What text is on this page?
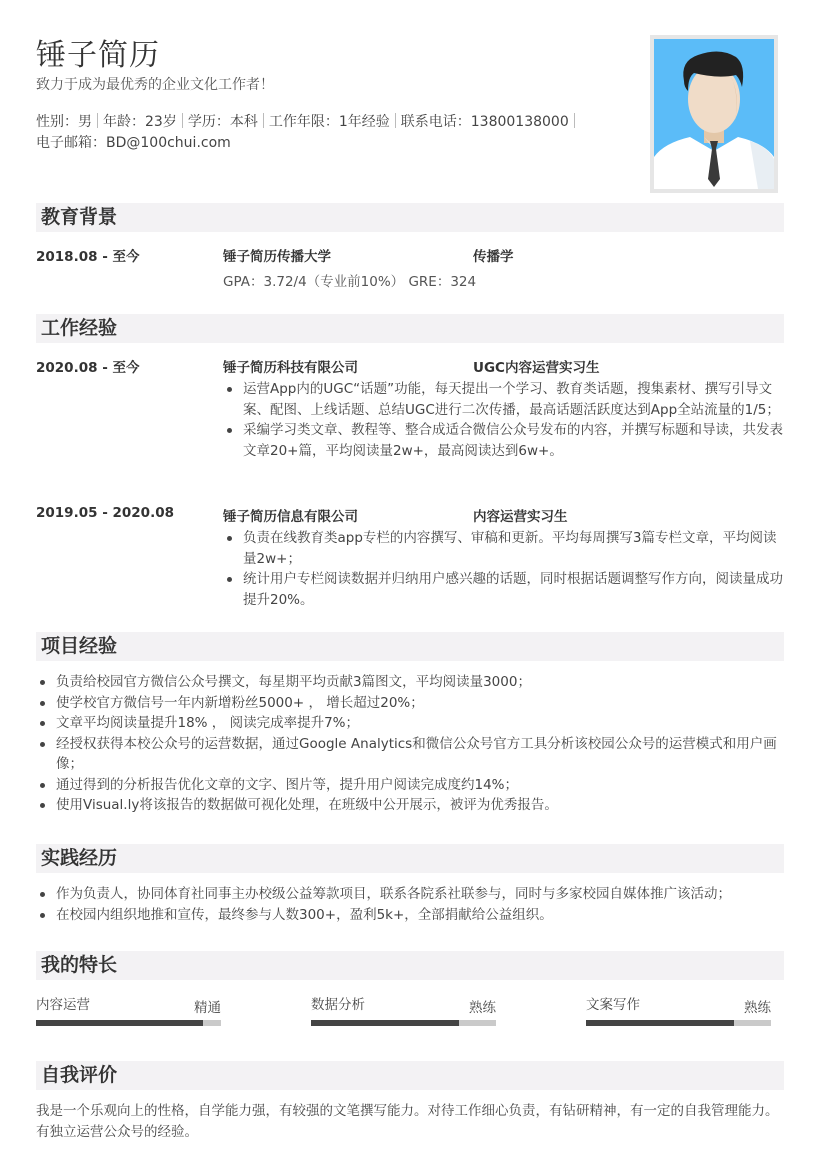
锤子简历
致力于成为最优秀的企业文化工作者！
性别：男 年龄：23岁 学历：本科 工作年限：1年经验 联系电话：13800138000
电子邮箱：BD@100chui.com
教育背景
2018.08 - 至今	锤子简历传播大学	传播学
GPA：3.72/4（专业前10%） GRE：324
工作经验
2020.08 - 至今	锤子简历科技有限公司	UGC内容运营实习生
运营App内的UGC“话题”功能，每天提出一个学习、教育类话题，搜集素材、撰写引导文案、配图、上线话题、总结UGC进行二次传播，最高话题活跃度达到App全站流量的1/5；
采编学习类文章、教程等、整合成适合微信公众号发布的内容，并撰写标题和导读，共发表文章20+篇，平均阅读量2w+，最高阅读达到6w+。
2019.05 - 2020.08	锤子简历信息有限公司	内容运营实习生
负责在线教育类app专栏的内容撰写、审稿和更新。平均每周撰写3篇专栏文章，平均阅读量2w+；
统计用户专栏阅读数据并归纳用户感兴趣的话题，同时根据话题调整写作方向，阅读量成功提升20%。
项目经验
负责给校园官方微信公众号撰文，每星期平均贡献3篇图文，平均阅读量3000；
使学校官方微信号一年内新增粉丝5000+ ， 增长超过20%；
文章平均阅读量提升18% ， 阅读完成率提升7%；
经授权获得本校公众号的运营数据，通过Google Analytics和微信公众号官方工具分析该校园公众号的运营模式和用户画像；
通过得到的分析报告优化文章的文字、图片等，提升用户阅读完成度约14%；
使用Visual.ly将该报告的数据做可视化处理，在班级中公开展示，被评为优秀报告。
实践经历
作为负责人，协同体育社同事主办校级公益筹款项目，联系各院系社联参与，同时与多家校园自媒体推广该活动；
在校园内组织地推和宣传，最终参与人数300+，盈利5k+，全部捐献给公益组织。
我的特长
内容运营	精通	数据分析	熟练	文案写作	熟练
自我评价

我是一个乐观向上的性格，自学能力强，有较强的文笔撰写能力。对待工作细心负责，有钻研精神，有一定的自我管理能力。有独立运营公众号的经验。
